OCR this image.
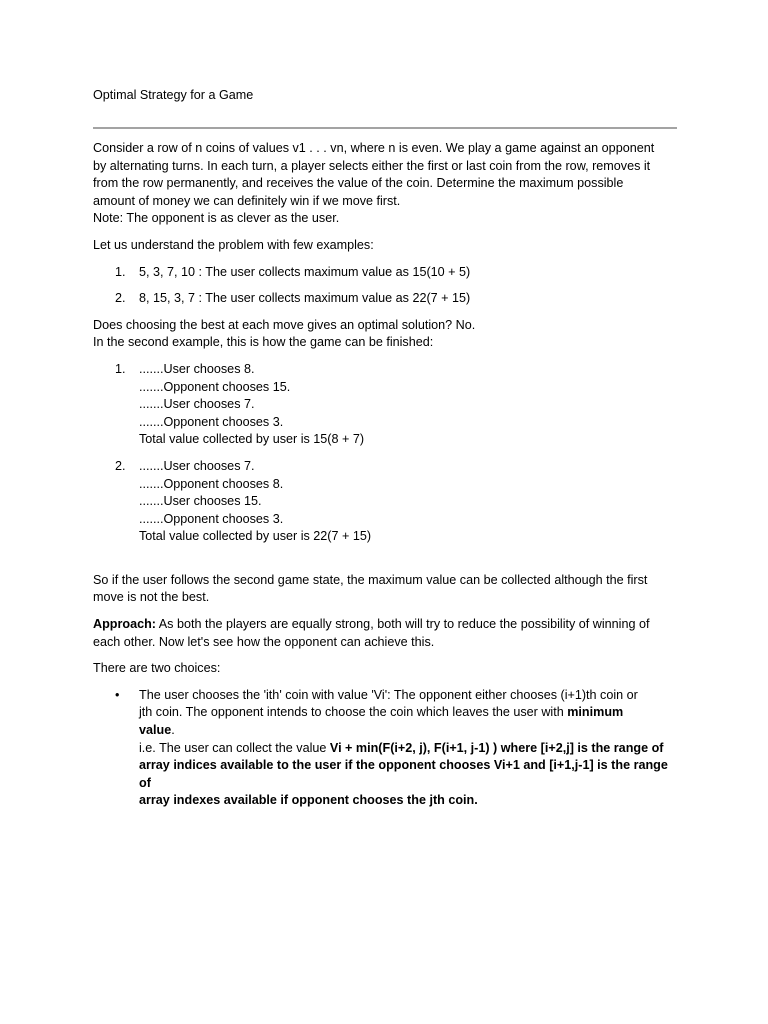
Optimal Strategy for a Game

Consider a row of n coins of values v1 . . . vn, where n is even. We play a game against an opponent
by alternating turns. In each turn, a player selects either the first or last coin from the row, removes it
from the row permanently, and receives the value of the coin. Determine the maximum possible
amount of money we can definitely win if we move first.
Note: The opponent is as clever as the user.

Let us understand the problem with few examples:

1. 5, 3, 7, 10 : The user collects maximum value as 15(10 + 5)
2. 8, 15, 3, 7 : The user collects maximum value as 22(7 + 15)

Does choosing the best at each move gives an optimal solution? No.
In the second example, this is how the game can be finished:

1. .......User chooses 8.
.......Opponent chooses 15.
.......User chooses 7.
.......Opponent chooses 3.
Total value collected by user is 15(8 + 7)
2. .......User chooses 7.
.......Opponent chooses 8.
.......User chooses 15.
.......Opponent chooses 3.
Total value collected by user is 22(7 + 15)

So if the user follows the second game state, the maximum value can be collected although the first
move is not the best.

Approach: As both the players are equally strong, both will try to reduce the possibility of winning of
each other. Now let's see how the opponent can achieve this.

There are two choices:

• The user chooses the 'ith' coin with value 'Vi': The opponent either chooses (i+1)th coin or
jth coin. The opponent intends to choose the coin which leaves the user with minimum
value.
i.e. The user can collect the value Vi + min(F(i+2, j), F(i+1, j-1) ) where [i+2,j] is the range of
array indices available to the user if the opponent chooses Vi+1 and [i+1,j-1] is the range of
array indexes available if opponent chooses the jth coin.
